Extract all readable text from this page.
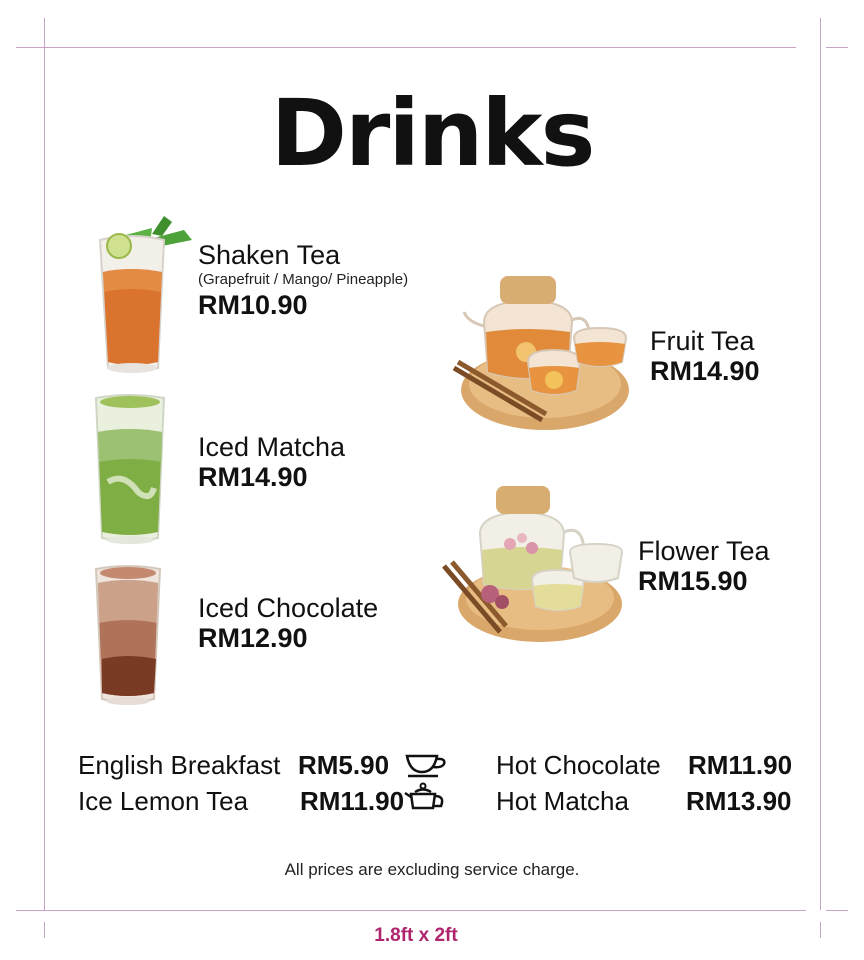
Drinks
Shaken Tea
(Grapefruit / Mango/ Pineapple)
RM10.90
Iced Matcha
RM14.90
Iced Chocolate
RM12.90
Fruit Tea
RM14.90
Flower Tea
RM15.90
English Breakfast RM5.90
Ice Lemon Tea RM11.90
Hot Chocolate RM11.90
Hot Matcha RM13.90
All prices are excluding service charge.
1.8ft x 2ft
